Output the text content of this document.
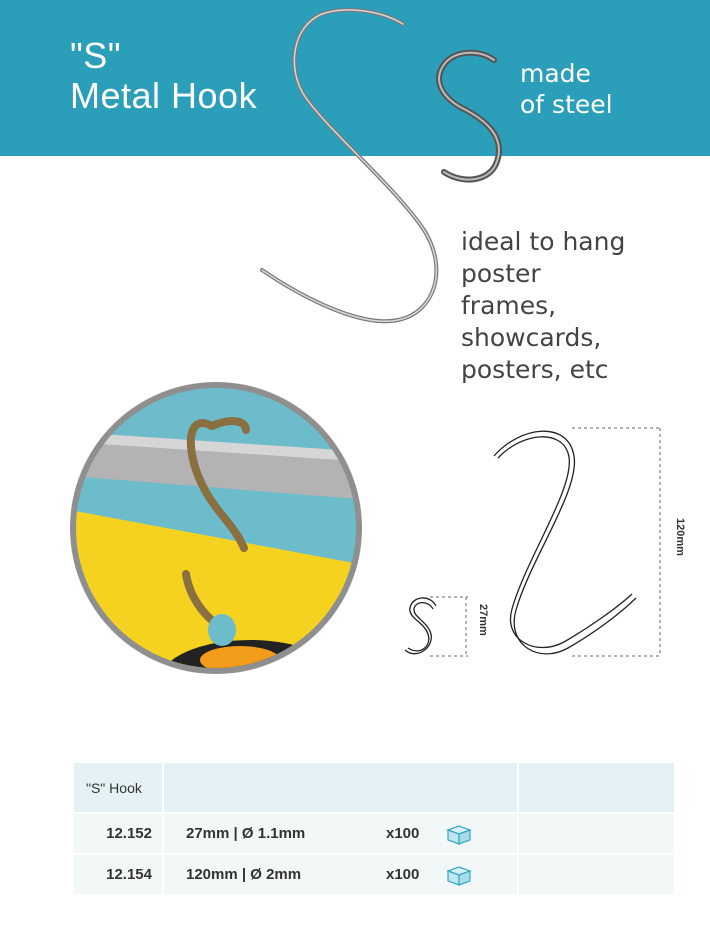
"S"
Metal Hook
made
of steel
ideal to hang
poster
frames,
showcards,
posters, etc
120mm
27mm
"S" Hook		
12.152	27mm | Ø 1.1mm x100	

12.154	120mm | Ø 2mm x100	
